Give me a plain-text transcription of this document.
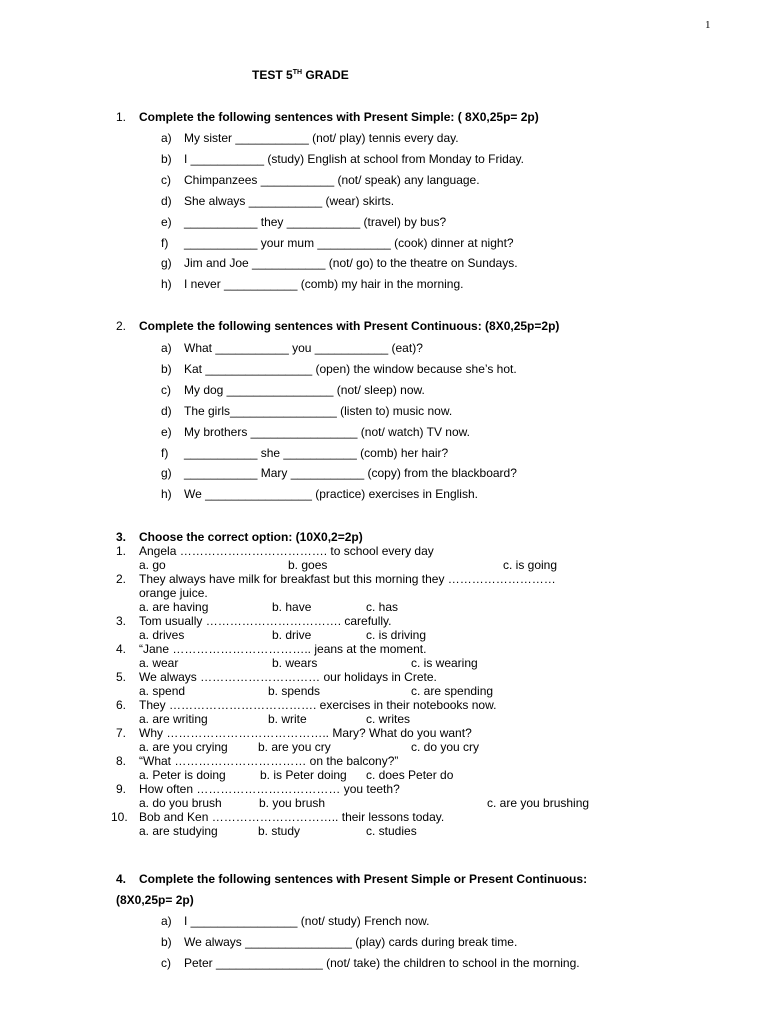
1
TEST 5TH GRADE
1. Complete the following sentences with Present Simple: ( 8X0,25p= 2p)
a) My sister ___________ (not/ play) tennis every day.
b) I ___________ (study) English at school from Monday to Friday.
c) Chimpanzees ___________ (not/ speak) any language.
d) She always ___________ (wear) skirts.
e) ___________ they ___________ (travel) by bus?
f) ___________ your mum ___________ (cook) dinner at night?
g) Jim and Joe ___________ (not/ go) to the theatre on Sundays.
h) I never ___________ (comb) my hair in the morning.
2. Complete the following sentences with Present Continuous: (8X0,25p=2p)
a) What ___________ you ___________ (eat)?
b) Kat ________________ (open) the window because she’s hot.
c) My dog ________________ (not/ sleep) now.
d) The girls________________ (listen to) music now.
e) My brothers ________________ (not/ watch) TV now.
f) ___________ she ___________ (comb) her hair?
g) ___________ Mary ___________ (copy) from the blackboard?
h) We ________________ (practice) exercises in English.
3. Choose the correct option: (10X0,2=2p)
1. Angela ………………………………. to school every day
a. go	b. goes	c. is going
2. They always have milk for breakfast but this morning they ………………………
orange juice.
a. are having	b. have	c. has
3. Tom usually ……………………………. carefully.
a. drives	b. drive	c. is driving
4. “Jane …………………………….. jeans at the moment.
a. wear	b. wears	c. is wearing
5. We always ………………………… our holidays in Crete.
a. spend	b. spends	c. are spending
6. They ………………………………. exercises in their notebooks now.
a. are writing	b. write	c. writes
7. Why ………………………………….. Mary? What do you want?
a. are you crying	b. are you cry	c. do you cry
8. “What …………………………… on the balcony?”
a. Peter is doing	b. is Peter doing c. does Peter do
9. How often ……………………………… you teeth?
a. do you brush	b. you brush	c. are you brushing
10. Bob and Ken ………………………….. their lessons today.
a. are studying	b. study	c. studies
4. Complete the following sentences with Present Simple or Present Continuous:
(8X0,25p= 2p)
a) I ________________ (not/ study) French now.
b) We always ________________ (play) cards during break time.
c) Peter ________________ (not/ take) the children to school in the morning.
